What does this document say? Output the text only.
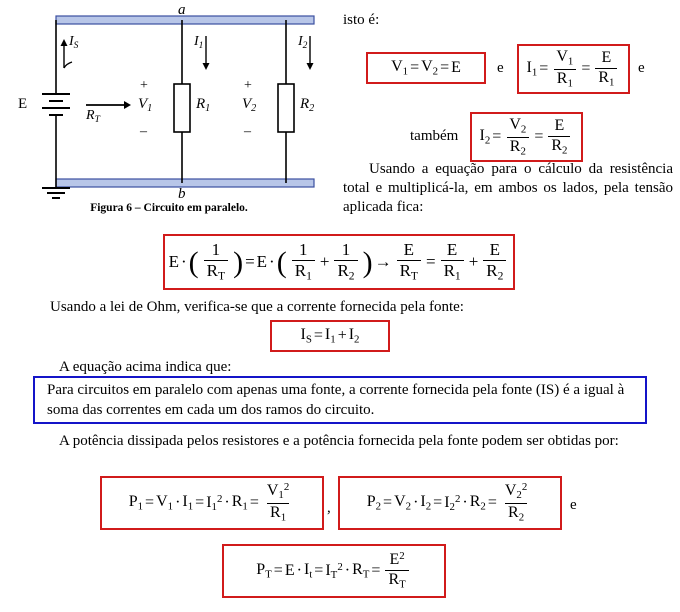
a
b
E
$I_S$	$I_1$	$I_2$
$R_T$
+
–
$V_1$	$R_1$
+
–
$V_2$	$R_2$
Figura 6 – Circuito em paralelo.
isto é:
$V_1 = V_2 = E$ e $I_1 = \frac{V_1}{R_1} = \frac{E}{R_1}$ e
também $I_2 = \frac{V_2}{R_2} = \frac{E}{R_2}$
Usando a equação para o cálculo da resistência total e multiplicá-la, em ambos os lados, pela tensão aplicada fica:
E · ( $\frac{1}{R_T}$ ) = E · ( $\frac{1}{R_1} + \frac{1}{R_2}$ ) → $\frac{E}{R_T} = \frac{E}{R_1} + \frac{E}{R_2}$
Usando a lei de Ohm, verifica-se que a corrente fornecida pela fonte:
$I_S = I_1 + I_2$
A equação acima indica que:
Para circuitos em paralelo com apenas uma fonte, a corrente fornecida pela fonte (IS) é a igual à soma das correntes em cada um dos ramos do circuito.
A potência dissipada pelos resistores e a potência fornecida pela fonte podem ser obtidas por:
$P_1 = V_1 \cdot I_1 = I_1^2 \cdot R_1 = \frac{V_1^2}{R_1}$ , $P_2 = V_2 \cdot I_2 = I_2^2 \cdot R_2 = \frac{V_2^2}{R_2}$	e
$P_T = E \cdot I_t = I_T^2 \cdot R_T = \frac{E^2}{R_T}$
